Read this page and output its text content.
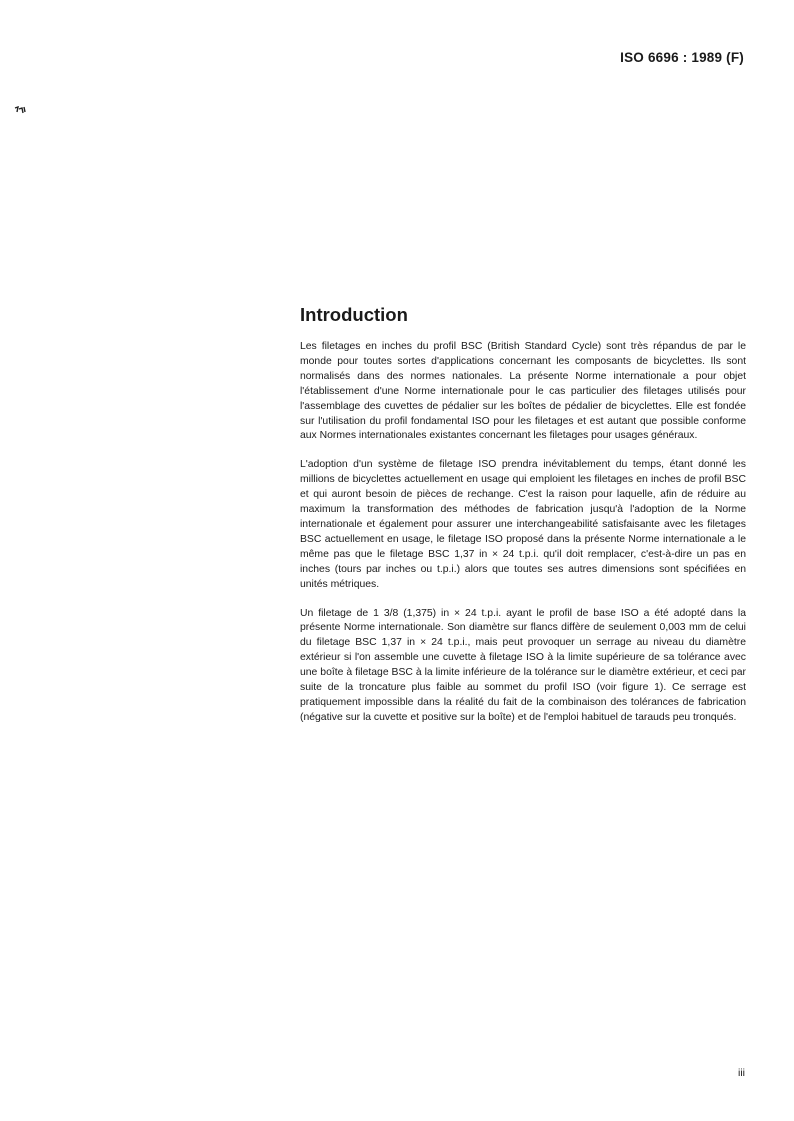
ISO 6696 : 1989 (F)
Introduction

Les filetages en inches du profil BSC (British Standard Cycle) sont très répandus de par le monde pour toutes sortes d'applications concernant les composants de bicyclettes. Ils sont normalisés dans des normes nationales. La présente Norme internationale a pour objet l'établissement d'une Norme internationale pour le cas particulier des filetages utilisés pour l'assemblage des cuvettes de pédalier sur les boîtes de pédalier de bicyclettes. Elle est fondée sur l'utilisation du profil fondamental ISO pour les filetages et est autant que possible conforme aux Normes internationales existantes concernant les filetages pour usages généraux.

L'adoption d'un système de filetage ISO prendra inévitablement du temps, étant donné les millions de bicyclettes actuellement en usage qui emploient les filetages en inches de profil BSC et qui auront besoin de pièces de rechange. C'est la raison pour laquelle, afin de réduire au maximum la transformation des méthodes de fabrication jusqu'à l'adoption de la Norme internationale et également pour assurer une interchangeabilité satisfaisante avec les filetages BSC actuellement en usage, le filetage ISO proposé dans la présente Norme internationale a le même pas que le filetage BSC 1,37 in × 24 t.p.i. qu'il doit remplacer, c'est-à-dire un pas en inches (tours par inches ou t.p.i.) alors que toutes ses autres dimensions sont spécifiées en unités métriques.

Un filetage de 1 3/8 (1,375) in × 24 t.p.i. ayant le profil de base ISO a été adopté dans la présente Norme internationale. Son diamètre sur flancs diffère de seulement 0,003 mm de celui du filetage BSC 1,37 in × 24 t.p.i., mais peut provoquer un serrage au niveau du diamètre extérieur si l'on assemble une cuvette à filetage ISO à la limite supérieure de sa tolérance avec une boîte à filetage BSC à la limite inférieure de la tolérance sur le diamètre extérieur, et ceci par suite de la troncature plus faible au sommet du profil ISO (voir figure 1). Ce serrage est pratiquement impossible dans la réalité du fait de la combinaison des tolérances de fabrication (négative sur la cuvette et positive sur la boîte) et de l'emploi habituel de tarauds peu tronqués.

iii
